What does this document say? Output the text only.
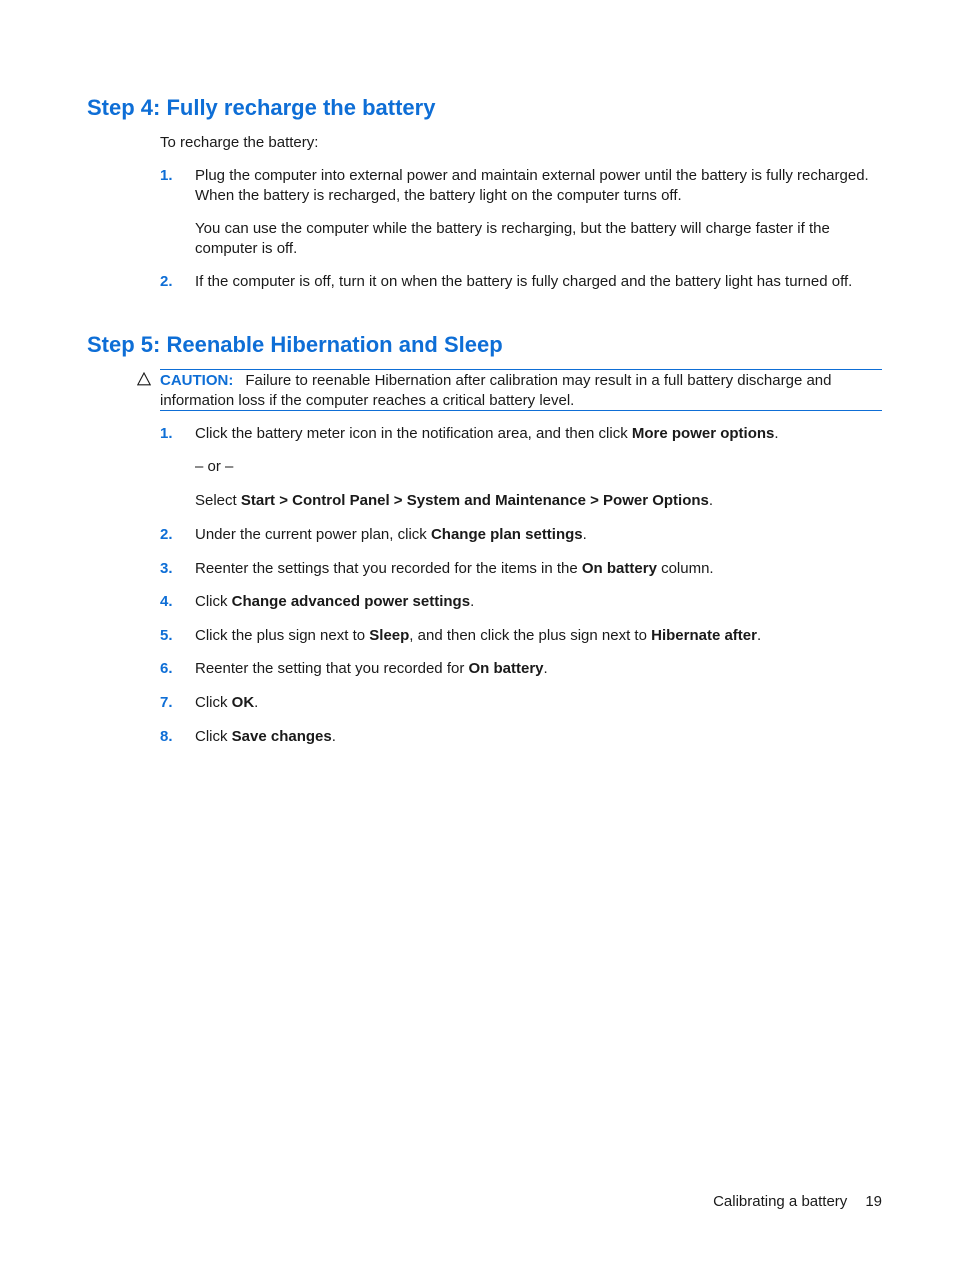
Step 4: Fully recharge the battery

To recharge the battery:

1. Plug the computer into external power and maintain external power until the battery is fully recharged. When the battery is recharged, the battery light on the computer turns off.

You can use the computer while the battery is recharging, but the battery will charge faster if the computer is off.

2. If the computer is off, turn it on when the battery is fully charged and the battery light has turned off.

Step 5: Reenable Hibernation and Sleep
CAUTION: Failure to reenable Hibernation after calibration may result in a full battery discharge and information loss if the computer reaches a critical battery level.
1. Click the battery meter icon in the notification area, and then click More power options.

– or –

Select Start > Control Panel > System and Maintenance > Power Options.

2. Under the current power plan, click Change plan settings.

3. Reenter the settings that you recorded for the items in the On battery column.

4. Click Change advanced power settings.

5. Click the plus sign next to Sleep, and then click the plus sign next to Hibernate after.

6. Reenter the setting that you recorded for On battery.

7. Click OK.

8. Click Save changes.

Calibrating a battery 19
